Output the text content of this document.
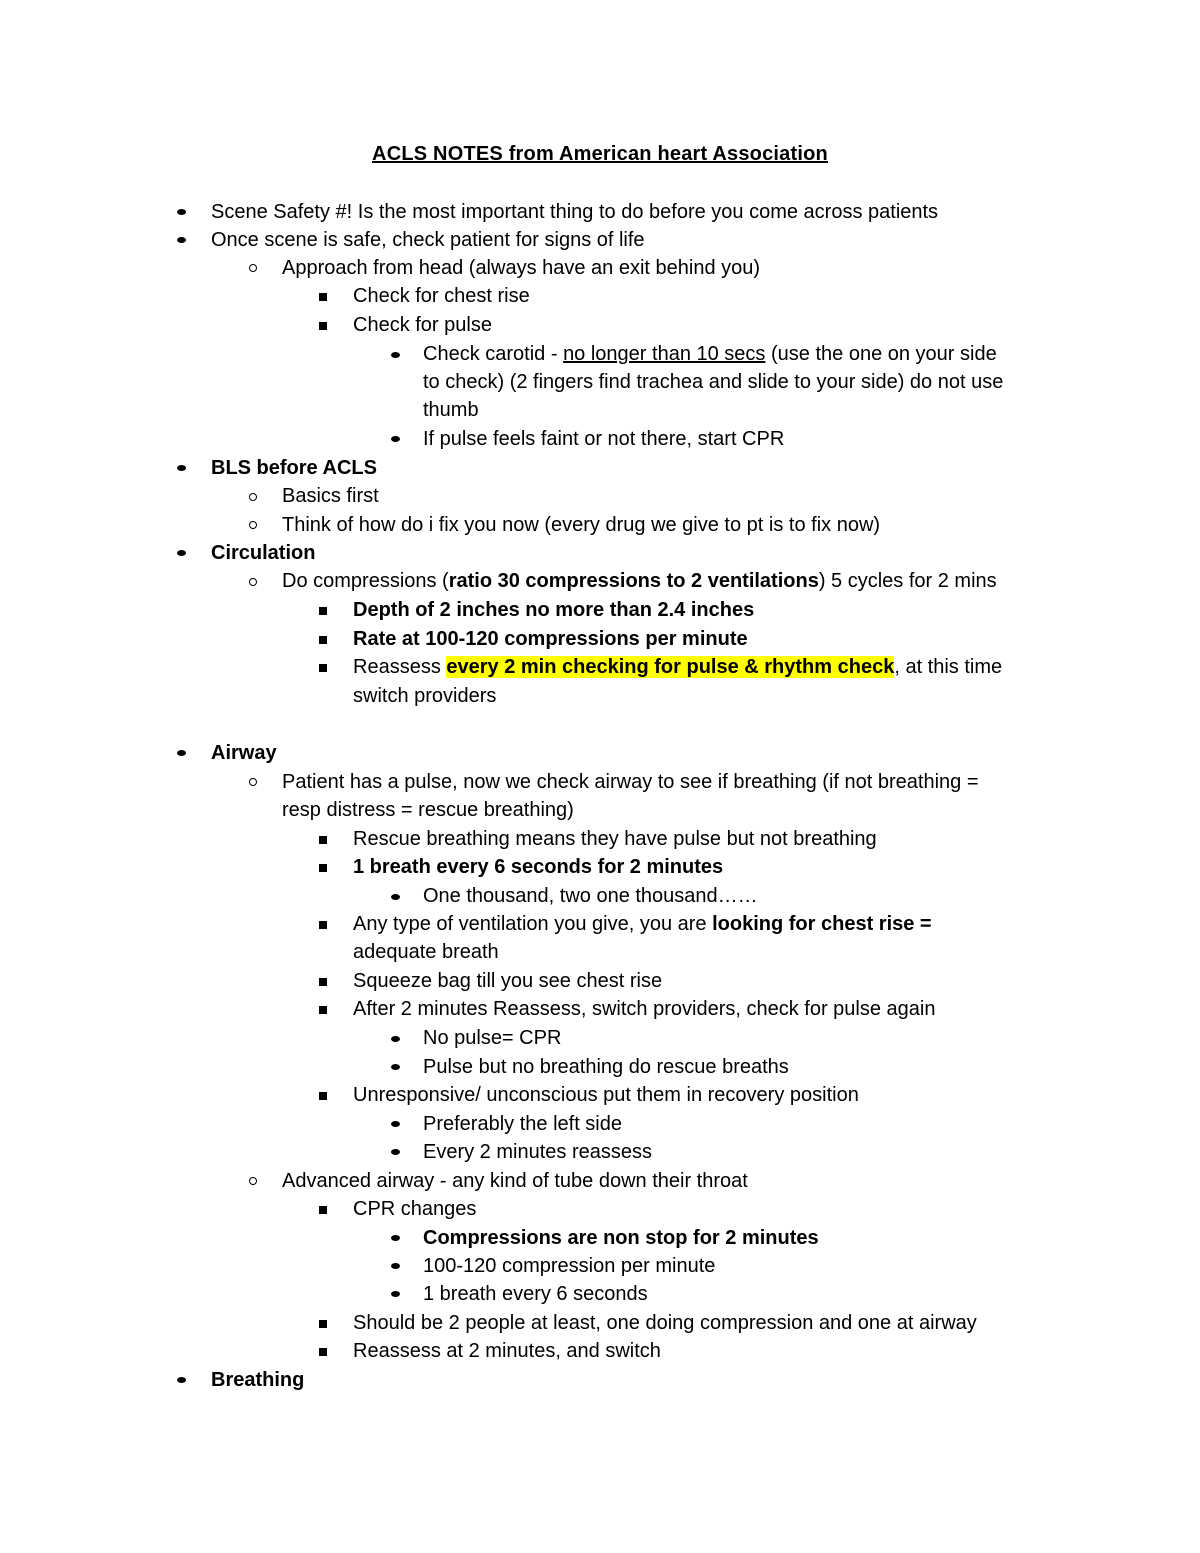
ACLS NOTES from American heart Association
Scene Safety #! Is the most important thing to do before you come across patients
Once scene is safe, check patient for signs of life
Approach from head (always have an exit behind you)
Check for chest rise
Check for pulse
Check carotid - no longer than 10 secs (use the one on your side
to check) (2 fingers find trachea and slide to your side) do not use
thumb
If pulse feels faint or not there, start CPR
BLS before ACLS
Basics first
Think of how do i fix you now (every drug we give to pt is to fix now)
Circulation
Do compressions (ratio 30 compressions to 2 ventilations) 5 cycles for 2 mins
Depth of 2 inches no more than 2.4 inches
Rate at 100-120 compressions per minute
Reassess every 2 min checking for pulse & rhythm check, at this time
switch providers
Airway
Patient has a pulse, now we check airway to see if breathing (if not breathing =
resp distress = rescue breathing)
Rescue breathing means they have pulse but not breathing
1 breath every 6 seconds for 2 minutes
One thousand, two one thousand……
Any type of ventilation you give, you are looking for chest rise =
adequate breath
Squeeze bag till you see chest rise
After 2 minutes Reassess, switch providers, check for pulse again
No pulse= CPR
Pulse but no breathing do rescue breaths
Unresponsive/ unconscious put them in recovery position
Preferably the left side
Every 2 minutes reassess
Advanced airway - any kind of tube down their throat
CPR changes
Compressions are non stop for 2 minutes
100-120 compression per minute
1 breath every 6 seconds
Should be 2 people at least, one doing compression and one at airway
Reassess at 2 minutes, and switch
Breathing
